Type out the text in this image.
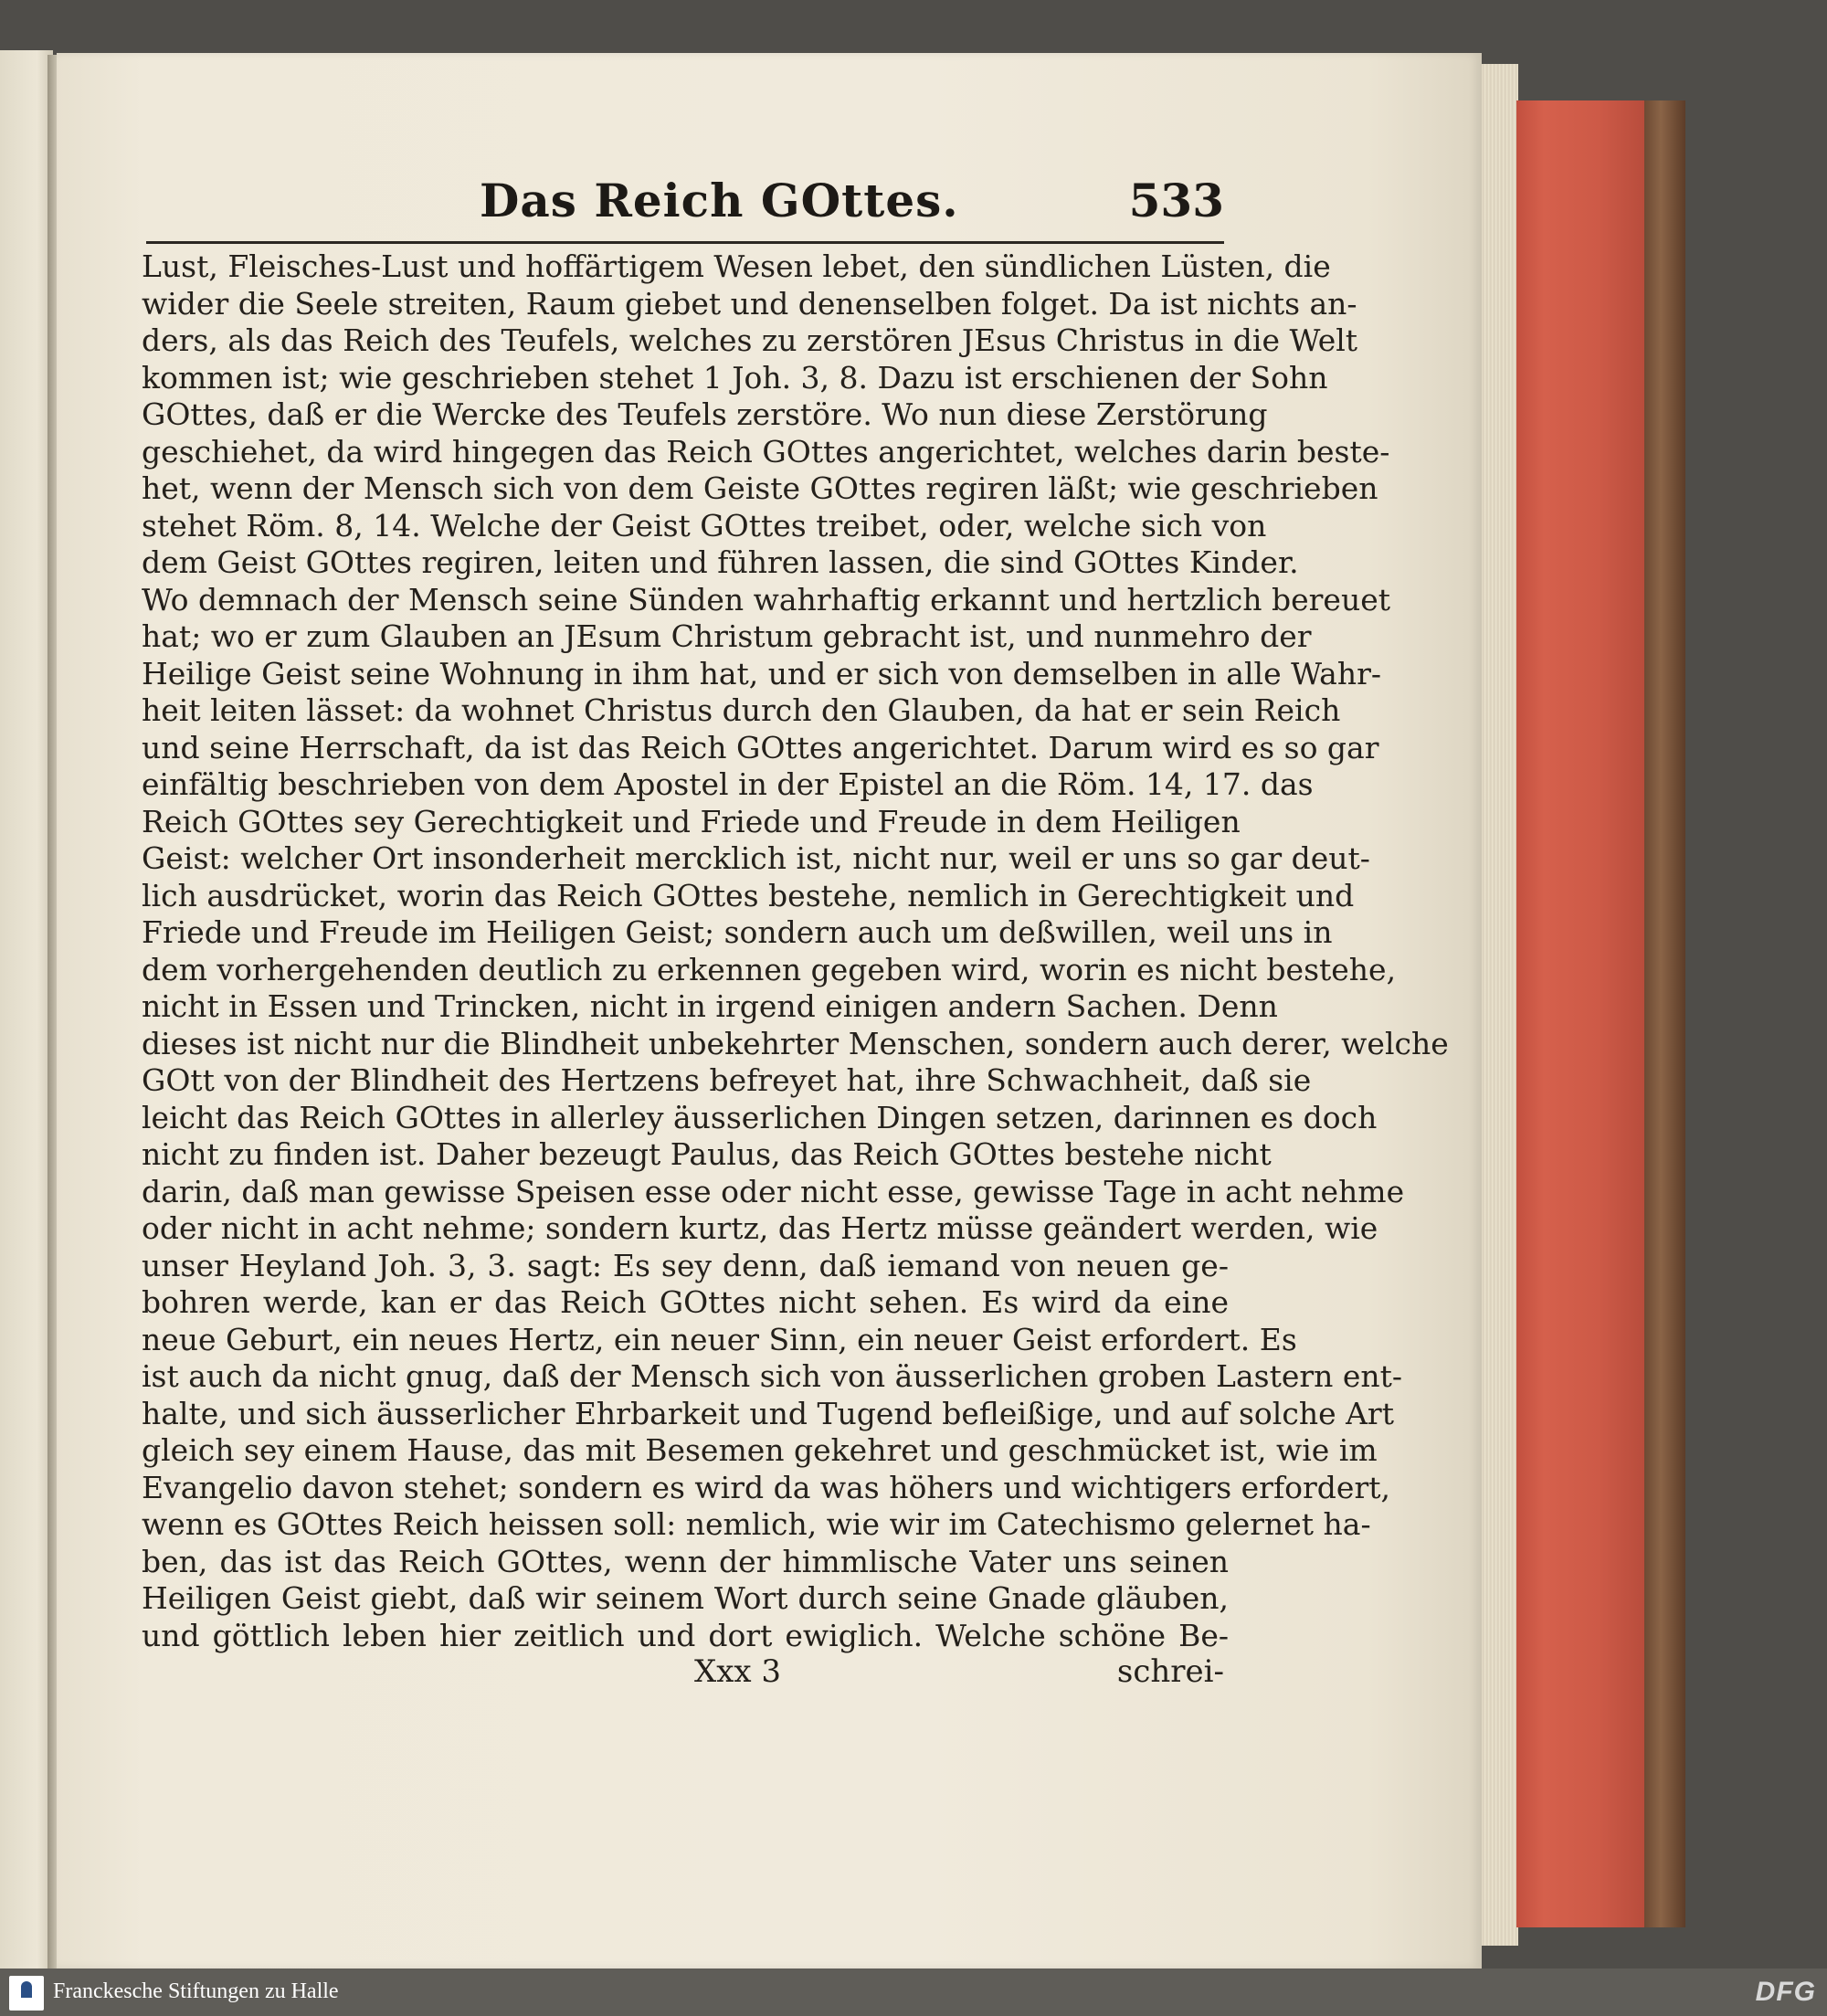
Das Reich GOttes.	533
Lust, Fleisches-Lust und hoffärtigem Wesen lebet, den sündlichen Lüsten, die
wider die Seele streiten, Raum giebet und denenselben folget. Da ist nichts an-
ders, als das Reich des Teufels, welches zu zerstören JEsus Christus in die Welt
kommen ist; wie geschrieben stehet 1 Joh. 3, 8. Dazu ist erschienen der Sohn
GOttes, daß er die Wercke des Teufels zerstöre. Wo nun diese Zerstörung
geschiehet, da wird hingegen das Reich GOttes angerichtet, welches darin beste-
het, wenn der Mensch sich von dem Geiste GOttes regiren läßt; wie geschrieben
stehet Röm. 8, 14. Welche der Geist GOttes treibet, oder, welche sich von
dem Geist GOttes regiren, leiten und führen lassen, die sind GOttes Kinder.
Wo demnach der Mensch seine Sünden wahrhaftig erkannt und hertzlich bereuet
hat; wo er zum Glauben an JEsum Christum gebracht ist, und nunmehro der
Heilige Geist seine Wohnung in ihm hat, und er sich von demselben in alle Wahr-
heit leiten lässet: da wohnet Christus durch den Glauben, da hat er sein Reich
und seine Herrschaft, da ist das Reich GOttes angerichtet. Darum wird es so gar
einfältig beschrieben von dem Apostel in der Epistel an die Röm. 14, 17. das
Reich GOttes sey Gerechtigkeit und Friede und Freude in dem Heiligen
Geist: welcher Ort insonderheit mercklich ist, nicht nur, weil er uns so gar deut-
lich ausdrücket, worin das Reich GOttes bestehe, nemlich in Gerechtigkeit und
Friede und Freude im Heiligen Geist; sondern auch um deßwillen, weil uns in
dem vorhergehenden deutlich zu erkennen gegeben wird, worin es nicht bestehe,
nicht in Essen und Trincken, nicht in irgend einigen andern Sachen. Denn
dieses ist nicht nur die Blindheit unbekehrter Menschen, sondern auch derer, welche
GOtt von der Blindheit des Hertzens befreyet hat, ihre Schwachheit, daß sie
leicht das Reich GOttes in allerley äusserlichen Dingen setzen, darinnen es doch
nicht zu finden ist. Daher bezeugt Paulus, das Reich GOttes bestehe nicht
darin, daß man gewisse Speisen esse oder nicht esse, gewisse Tage in acht nehme
oder nicht in acht nehme; sondern kurtz, das Hertz müsse geändert werden, wie
unser Heyland Joh. 3, 3. sagt: Es sey denn, daß iemand von neuen ge-
bohren werde, kan er das Reich GOttes nicht sehen. Es wird da eine
neue Geburt, ein neues Hertz, ein neuer Sinn, ein neuer Geist erfordert. Es
ist auch da nicht gnug, daß der Mensch sich von äusserlichen groben Lastern ent-
halte, und sich äusserlicher Ehrbarkeit und Tugend befleißige, und auf solche Art
gleich sey einem Hause, das mit Besemen gekehret und geschmücket ist, wie im
Evangelio davon stehet; sondern es wird da was höhers und wichtigers erfordert,
wenn es GOttes Reich heissen soll: nemlich, wie wir im Catechismo gelernet ha-
ben, das ist das Reich GOttes, wenn der himmlische Vater uns seinen
Heiligen Geist giebt, daß wir seinem Wort durch seine Gnade gläuben,
und göttlich leben hier zeitlich und dort ewiglich. Welche schöne Be-
Xxx 3	schrei-
Franckesche Stiftungen zu Halle	DFG
